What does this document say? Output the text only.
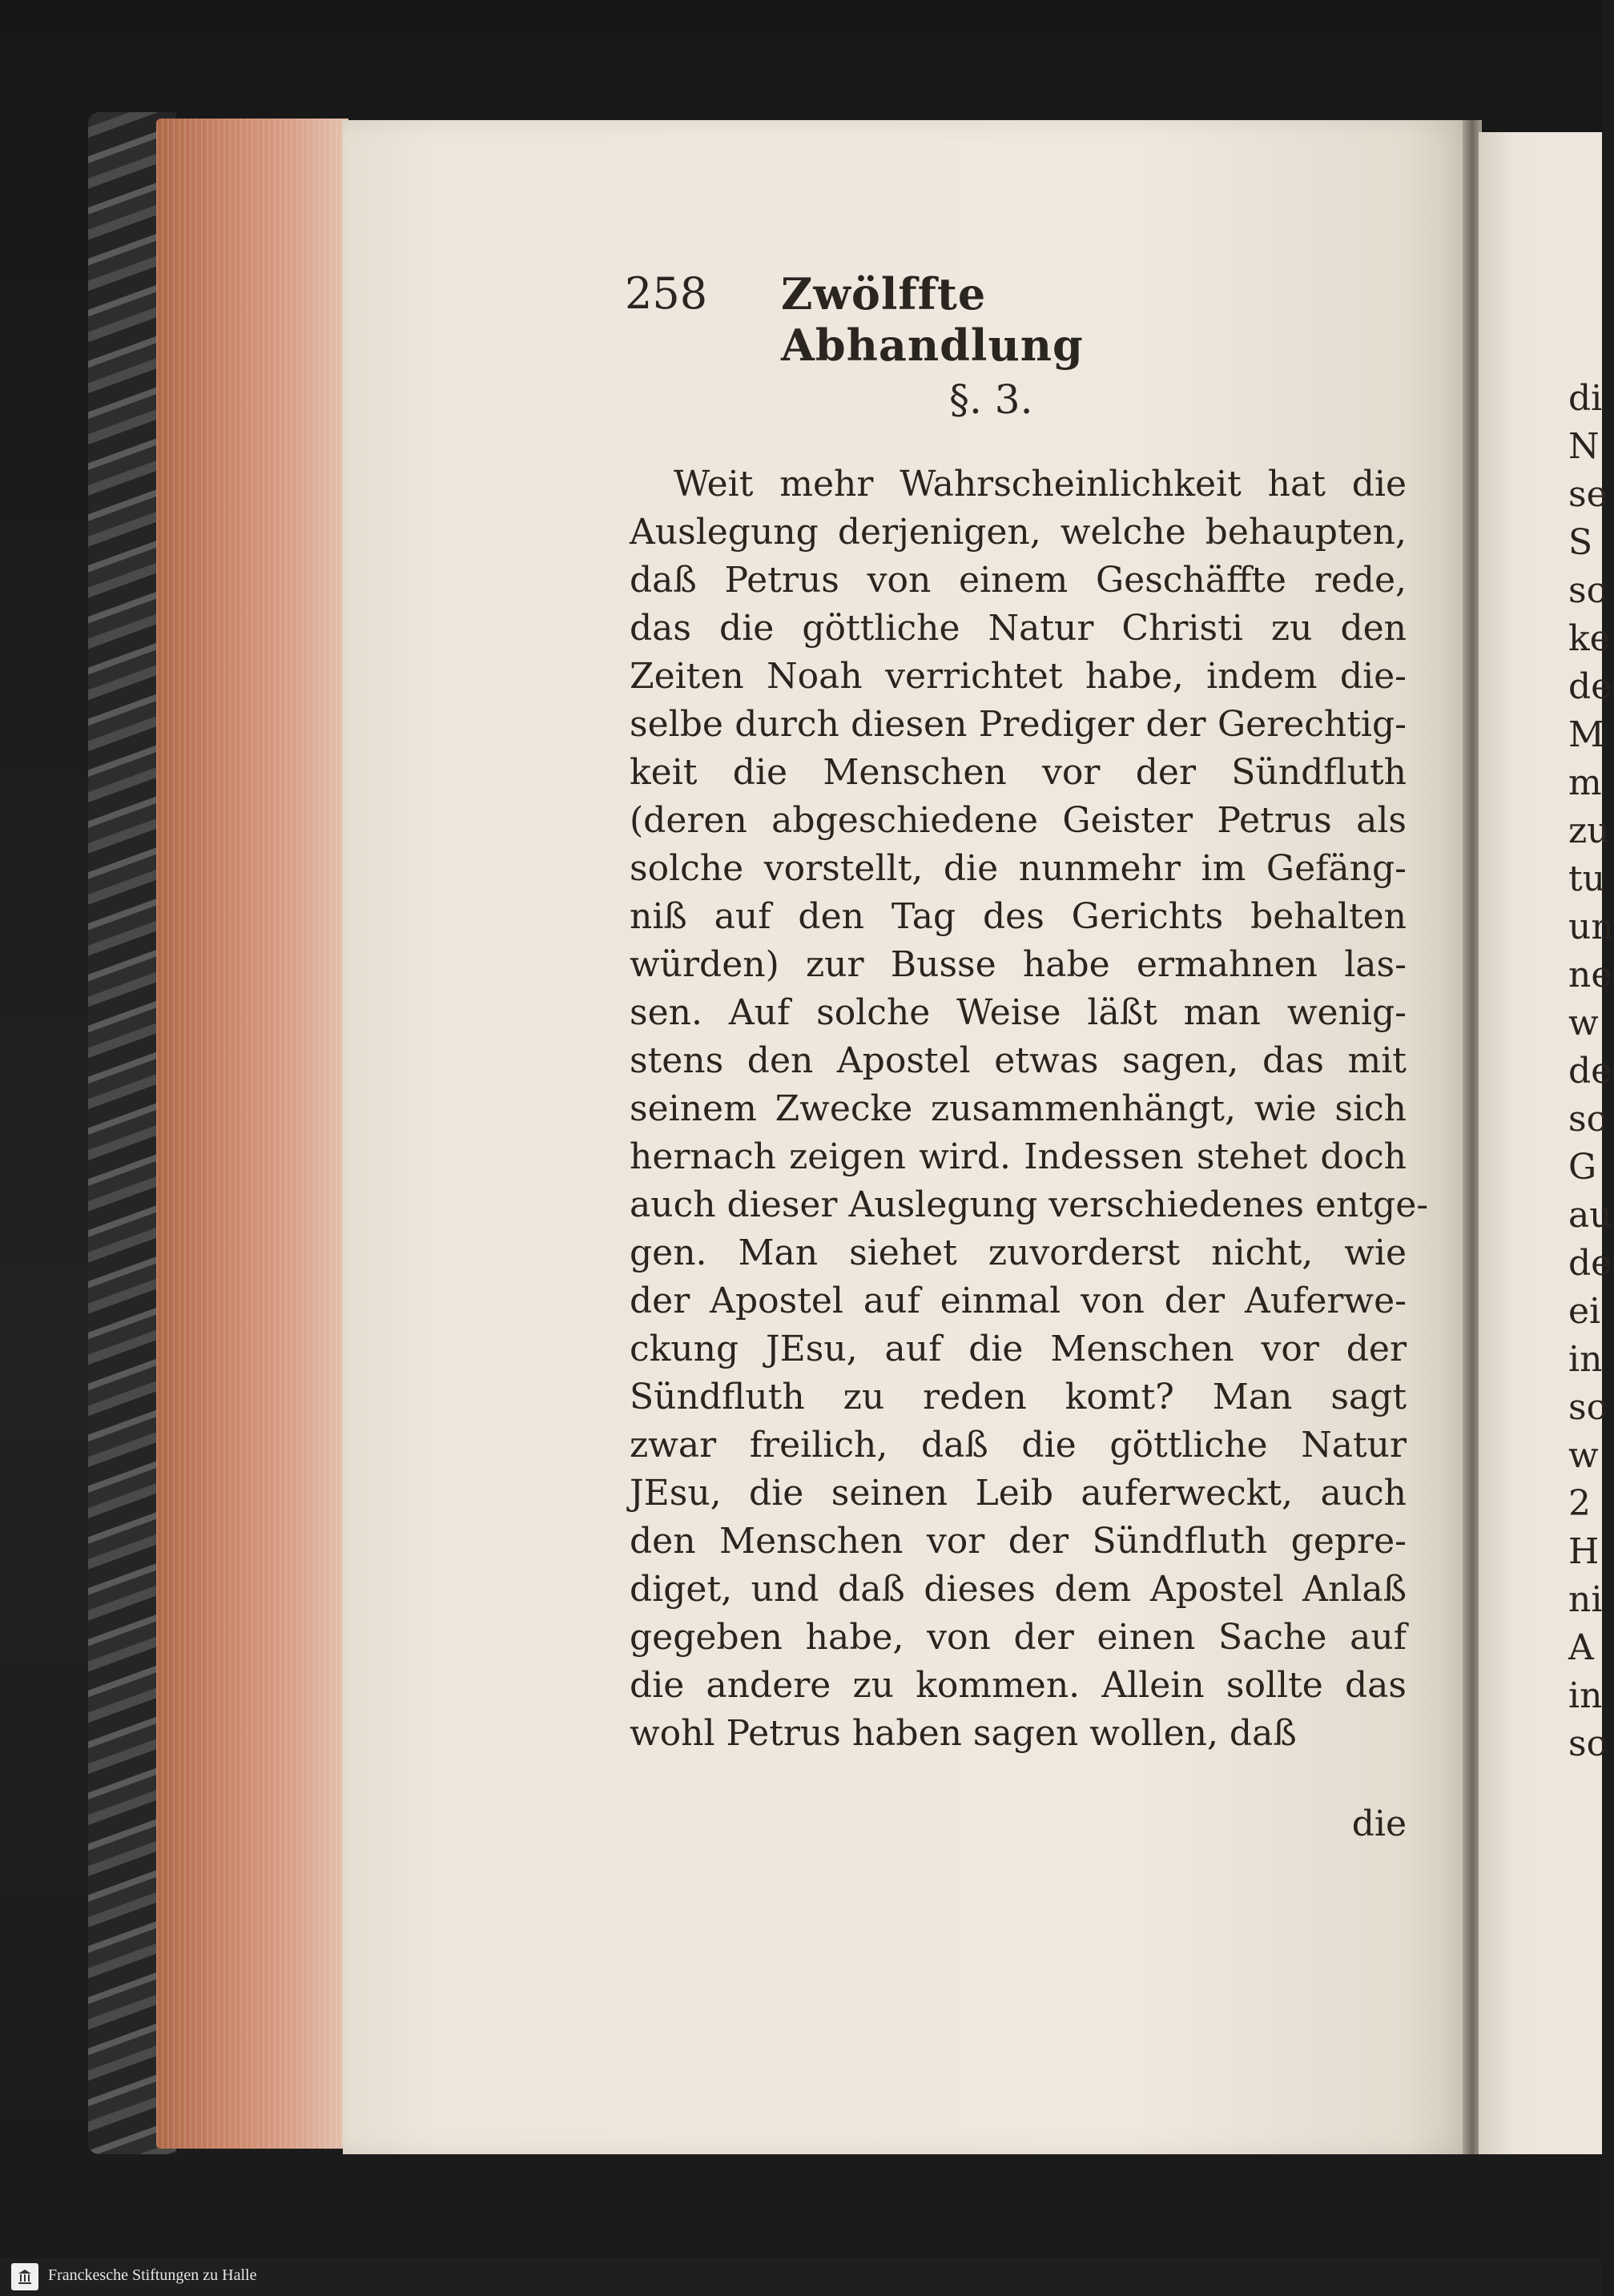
258 Zwölffte Abhandlung
§. 3.
Weit mehr Wahrscheinlichkeit hat die
Auslegung derjenigen, welche behaupten,
daß Petrus von einem Geschäffte rede,
das die göttliche Natur Christi zu den
Zeiten Noah verrichtet habe, indem die-
selbe durch diesen Prediger der Gerechtig-
keit die Menschen vor der Sündfluth
(deren abgeschiedene Geister Petrus als
solche vorstellt, die nunmehr im Gefäng-
niß auf den Tag des Gerichts behalten
würden) zur Busse habe ermahnen las-
sen. Auf solche Weise läßt man wenig-
stens den Apostel etwas sagen, das mit
seinem Zwecke zusammenhängt, wie sich
hernach zeigen wird. Indessen stehet doch
auch dieser Auslegung verschiedenes entge-
gen. Man siehet zuvorderst nicht, wie
der Apostel auf einmal von der Auferwe-
ckung JEsu, auf die Menschen vor der
Sündfluth zu reden komt? Man sagt
zwar freilich, daß die göttliche Natur
JEsu, die seinen Leib auferweckt, auch
den Menschen vor der Sündfluth gepre-
diget, und daß dieses dem Apostel Anlaß
gegeben habe, von der einen Sache auf
die andere zu kommen. Allein sollte das
wohl Petrus haben sagen wollen, daß
die
di
N
se
S
sc
ke
de
M
m
zu
tu
un
ne
w
de
sc
G
au
de
ei
in
sc
w
2
H
ni
A
in
sc
Franckesche Stiftungen zu Halle
